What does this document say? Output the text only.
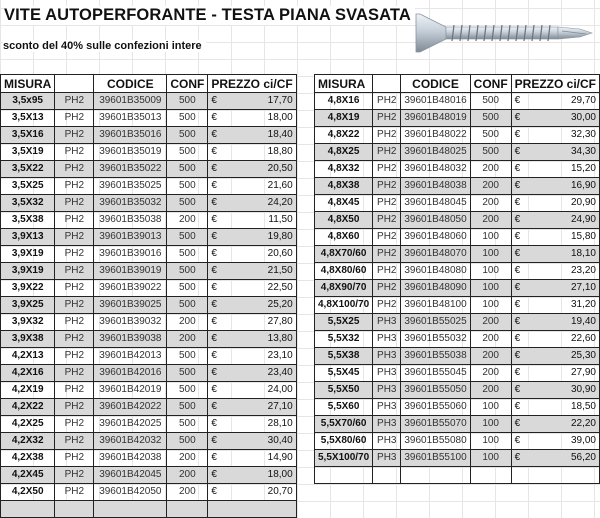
VITE AUTOPERFORANTE - TESTA PIANA SVASATA
sconto del 40% sulle confezioni intere
MISURA		CODICE	CONF	PREZZO ci/CF	
3,5x95	PH2	39601B35009	500	€	17,70
3,5X13	PH2	39601B35013	500	€	18,00
3,5X16	PH2	39601B35016	500	€	18,40
3,5X19	PH2	39601B35019	500	€	18,80
3,5X22	PH2	39601B35022	500	€	20,50
3,5X25	PH2	39601B35025	500	€	21,60
3,5X32	PH2	39601B35032	500	€	24,20
3,5X38	PH2	39601B35038	200	€	11,50
3,9X13	PH2	39601B39013	500	€	19,80
3,9X19	PH2	39601B39016	500	€	20,60
3,9X19	PH2	39601B39019	500	€	21,50
3,9X22	PH2	39601B39022	500	€	22,50
3,9X25	PH2	39601B39025	500	€	25,20
3,9X32	PH2	39601B39032	200	€	27,80
3,9X38	PH2	39601B39038	200	€	13,80
4,2X13	PH2	39601B42013	500	€	23,10
4,2X16	PH2	39601B42016	500	€	23,40
4,2X19	PH2	39601B42019	500	€	24,00
4,2X22	PH2	39601B42022	500	€	27,10
4,2X25	PH2	39601B42025	500	€	28,10
4,2X32	PH2	39601B42032	500	€	30,40
4,2X38	PH2	39601B42038	200	€	14,90
4,2X45	PH2	39601B42045	200	€	18,00
4,2X50	PH2	39601B42050	200	€	20,70

MISURA		CODICE	CONF	PREZZO ci/CF	
4,8X16	PH2	39601B48016	500	€	29,70
4,8X19	PH2	39601B48019	500	€	30,00
4,8X22	PH2	39601B48022	500	€	32,30
4,8X25	PH2	39601B48025	500	€	34,30
4,8X32	PH2	39601B48032	200	€	15,20
4,8X38	PH2	39601B48038	200	€	16,90
4,8X45	PH2	39601B48045	200	€	20,90
4,8X50	PH2	39601B48050	200	€	24,90
4,8X60	PH2	39601B48060	100	€	15,80
4,8X70/60	PH2	39601B48070	100	€	18,10
4,8X80/60	PH2	39601B48080	100	€	23,20
4,8X90/70	PH2	39601B48090	100	€	27,10
4,8X100/70	PH2	39601B48100	100	€	31,20
5,5X25	PH3	39601B55025	200	€	19,40
5,5X32	PH3	39601B55032	200	€	22,60
5,5X38	PH3	39601B55038	200	€	25,30
5,5X45	PH3	39601B55045	200	€	27,90
5,5X50	PH3	39601B55050	200	€	30,90
5,5X60	PH3	39601B55060	100	€	18,50
5,5X70/60	PH3	39601B55070	100	€	22,20
5,5X80/60	PH3	39601B55080	100	€	39,00
5,5X100/70	PH3	39601B55100	100	€	56,20
